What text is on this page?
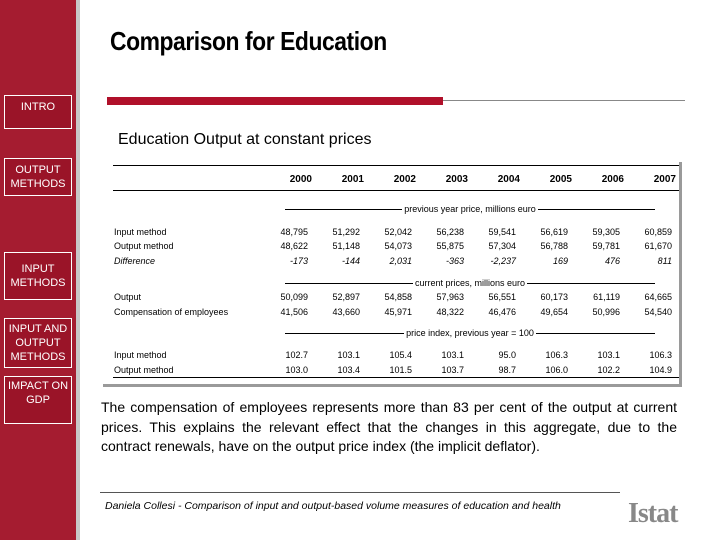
INTRO
OUTPUT METHODS
INPUT METHODS
INPUT AND OUTPUT METHODS
IMPACT ON GDP
Comparison for Education
Education Output at constant prices
2000	2001	2002	2003	2004	2005	2006	2007
previous year price, millions euro
Input method	48,795	51,292	52,042	56,238	59,541	56,619	59,305	60,859
Output method	48,622	51,148	54,073	55,875	57,304	56,788	59,781	61,670
Difference	-173	-144	2,031	-363	-2,237	169	476	811
current prices, millions euro
Output	50,099	52,897	54,858	57,963	56,551	60,173	61,119	64,665
Compensation of employees	41,506	43,660	45,971	48,322	46,476	49,654	50,996	54,540
price index, previous year = 100
Input method	102.7	103.1	105.4	103.1	95.0	106.3	103.1	106.3
Output method	103.0	103.4	101.5	103.7	98.7	106.0	102.2	104.9
The compensation of employees represents more than 83 per cent of the output at current prices. This explains the relevant effect that the changes in this aggregate, due to the contract renewals, have on the output price index (the implicit deflator).
Daniela Collesi - Comparison of input and output-based volume measures of education and health Istat
